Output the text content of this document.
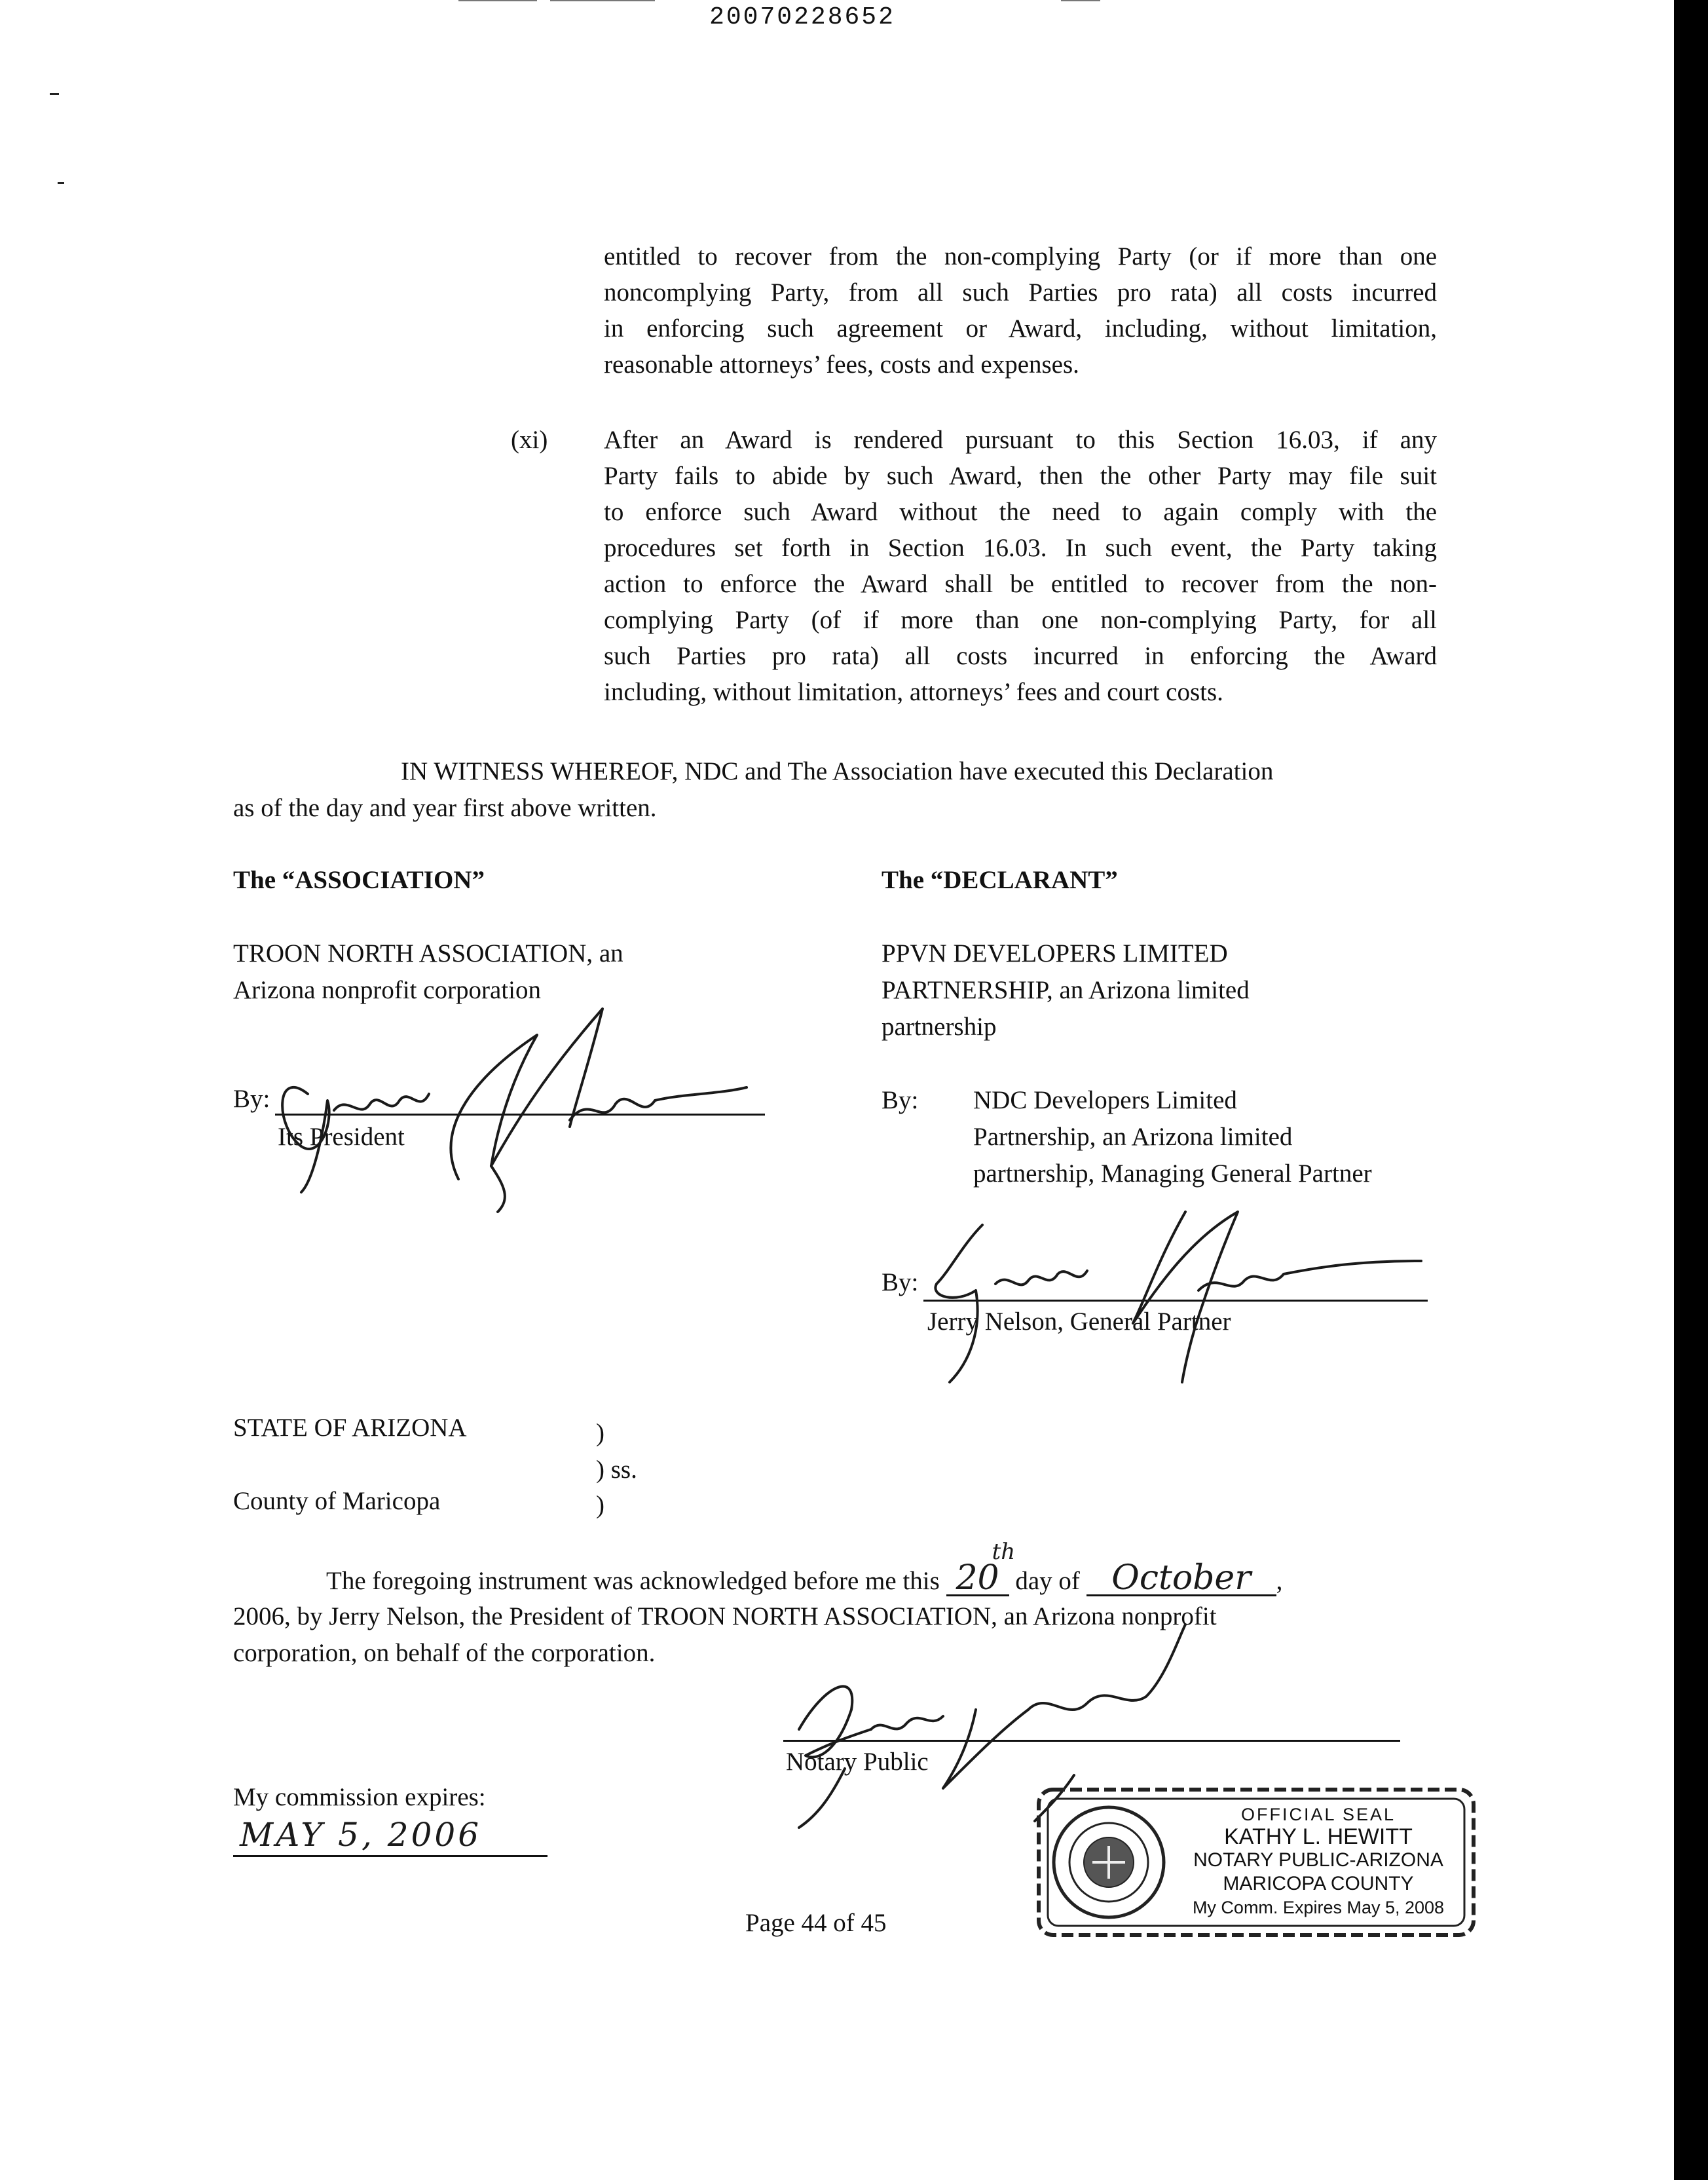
20070228652
entitled to recover from the non-complying Party (or if more than one
noncomplying Party, from all such Parties pro rata) all costs incurred
in enforcing such agreement or Award, including, without limitation,
reasonable attorneys’ fees, costs and expenses.
(xi) After an Award is rendered pursuant to this Section 16.03, if any
Party fails to abide by such Award, then the other Party may file suit
to enforce such Award without the need to again comply with the
procedures set forth in Section 16.03. In such event, the Party taking
action to enforce the Award shall be entitled to recover from the non-
complying Party (of if more than one non-complying Party, for all
such Parties pro rata) all costs incurred in enforcing the Award
including, without limitation, attorneys’ fees and court costs.
IN WITNESS WHEREOF, NDC and The Association have executed this Declaration
as of the day and year first above written.
The “ASSOCIATION”
TROON NORTH ASSOCIATION, an
Arizona nonprofit corporation
By:
Its President
The “DECLARANT”
PPVN DEVELOPERS LIMITED
PARTNERSHIP, an Arizona limited
partnership
By: NDC Developers Limited
Partnership, an Arizona limited
partnership, Managing General Partner
By:
Jerry Nelson, General Partner
STATE OF ARIZONA	)
) ss.
County of Maricopa	)
The foregoing instrument was acknowledged before me this 20
th
day of October ,
2006, by Jerry Nelson, the President of TROON NORTH ASSOCIATION, an Arizona nonprofit
corporation, on behalf of the corporation.
Notary Public
My commission expires:
MAY 5, 2006
OFFICIAL SEAL
KATHY L. HEWITT
NOTARY PUBLIC-ARIZONA
MARICOPA COUNTY
My Comm. Expires May 5, 2008
Page 44 of 45
